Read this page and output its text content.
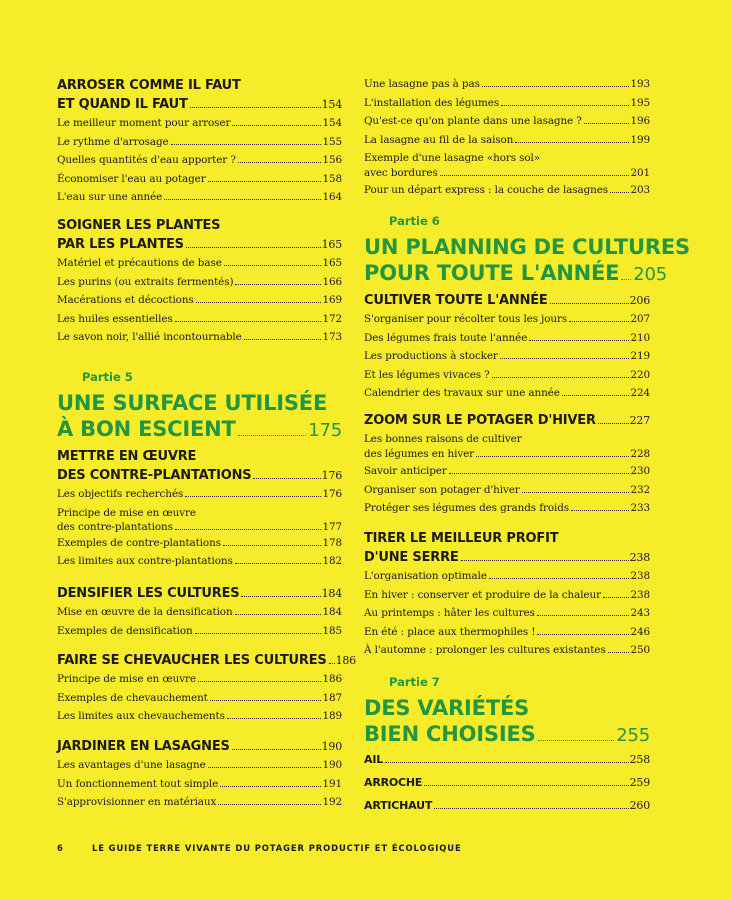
ARROSER COMME IL FAUT
ET QUAND IL FAUT	154
Le meilleur moment pour arroser	154
Le rythme d'arrosage	155
Quelles quantités d'eau apporter ?	156
Économiser l'eau au potager	158
L'eau sur une année	164
SOIGNER LES PLANTES
PAR LES PLANTES	165
Matériel et précautions de base	165
Les purins (ou extraits fermentés)	166
Macérations et décoctions	169
Les huiles essentielles	172
Le savon noir, l'allié incontournable	173
Partie 5
UNE SURFACE UTILISÉE
À BON ESCIENT	175
METTRE EN ŒUVRE
DES CONTRE-PLANTATIONS	176
Les objectifs recherchés	176
Principe de mise en œuvre
des contre-plantations	177
Exemples de contre-plantations	178
Les limites aux contre-plantations	182
DENSIFIER LES CULTURES	184
Mise en œuvre de la densification	184
Exemples de densification	185
FAIRE SE CHEVAUCHER LES CULTURES 186
Principe de mise en œuvre	186
Exemples de chevauchement	187
Les limites aux chevauchements	189
JARDINER EN LASAGNES	190
Les avantages d'une lasagne	190
Un fonctionnement tout simple	191
S'approvisionner en matériaux	192
Une lasagne pas à pas	193
L'installation des légumes	195
Qu'est-ce qu'on plante dans une lasagne ?	196
La lasagne au fil de la saison	199
Exemple d'une lasagne «hors sol»
avec bordures	201
Pour un départ express : la couche de lasagnes 203
Partie 6
UN PLANNING DE CULTURES
POUR TOUTE L'ANNÉE 205
CULTIVER TOUTE L'ANNÉE	206
S'organiser pour récolter tous les jours	207
Des légumes frais toute l'année	210
Les productions à stocker	219
Et les légumes vivaces ?	220
Calendrier des travaux sur une année	224
ZOOM SUR LE POTAGER D'HIVER	227
Les bonnes raisons de cultiver
des légumes en hiver	228
Savoir anticiper	230
Organiser son potager d'hiver	232
Protéger ses légumes des grands froids	233
TIRER LE MEILLEUR PROFIT
D'UNE SERRE	238
L'organisation optimale	238
En hiver : conserver et produire de la chaleur	238
Au printemps : hâter les cultures	243
En été : place aux thermophiles !	246
À l'automne : prolonger les cultures existantes 250
Partie 7
DES VARIÉTÉS
BIEN CHOISIES	255
AIL	258
ARROCHE	259
ARTICHAUT	260
6	LE GUIDE TERRE VIVANTE DU POTAGER PRODUCTIF ET ÉCOLOGIQUE
